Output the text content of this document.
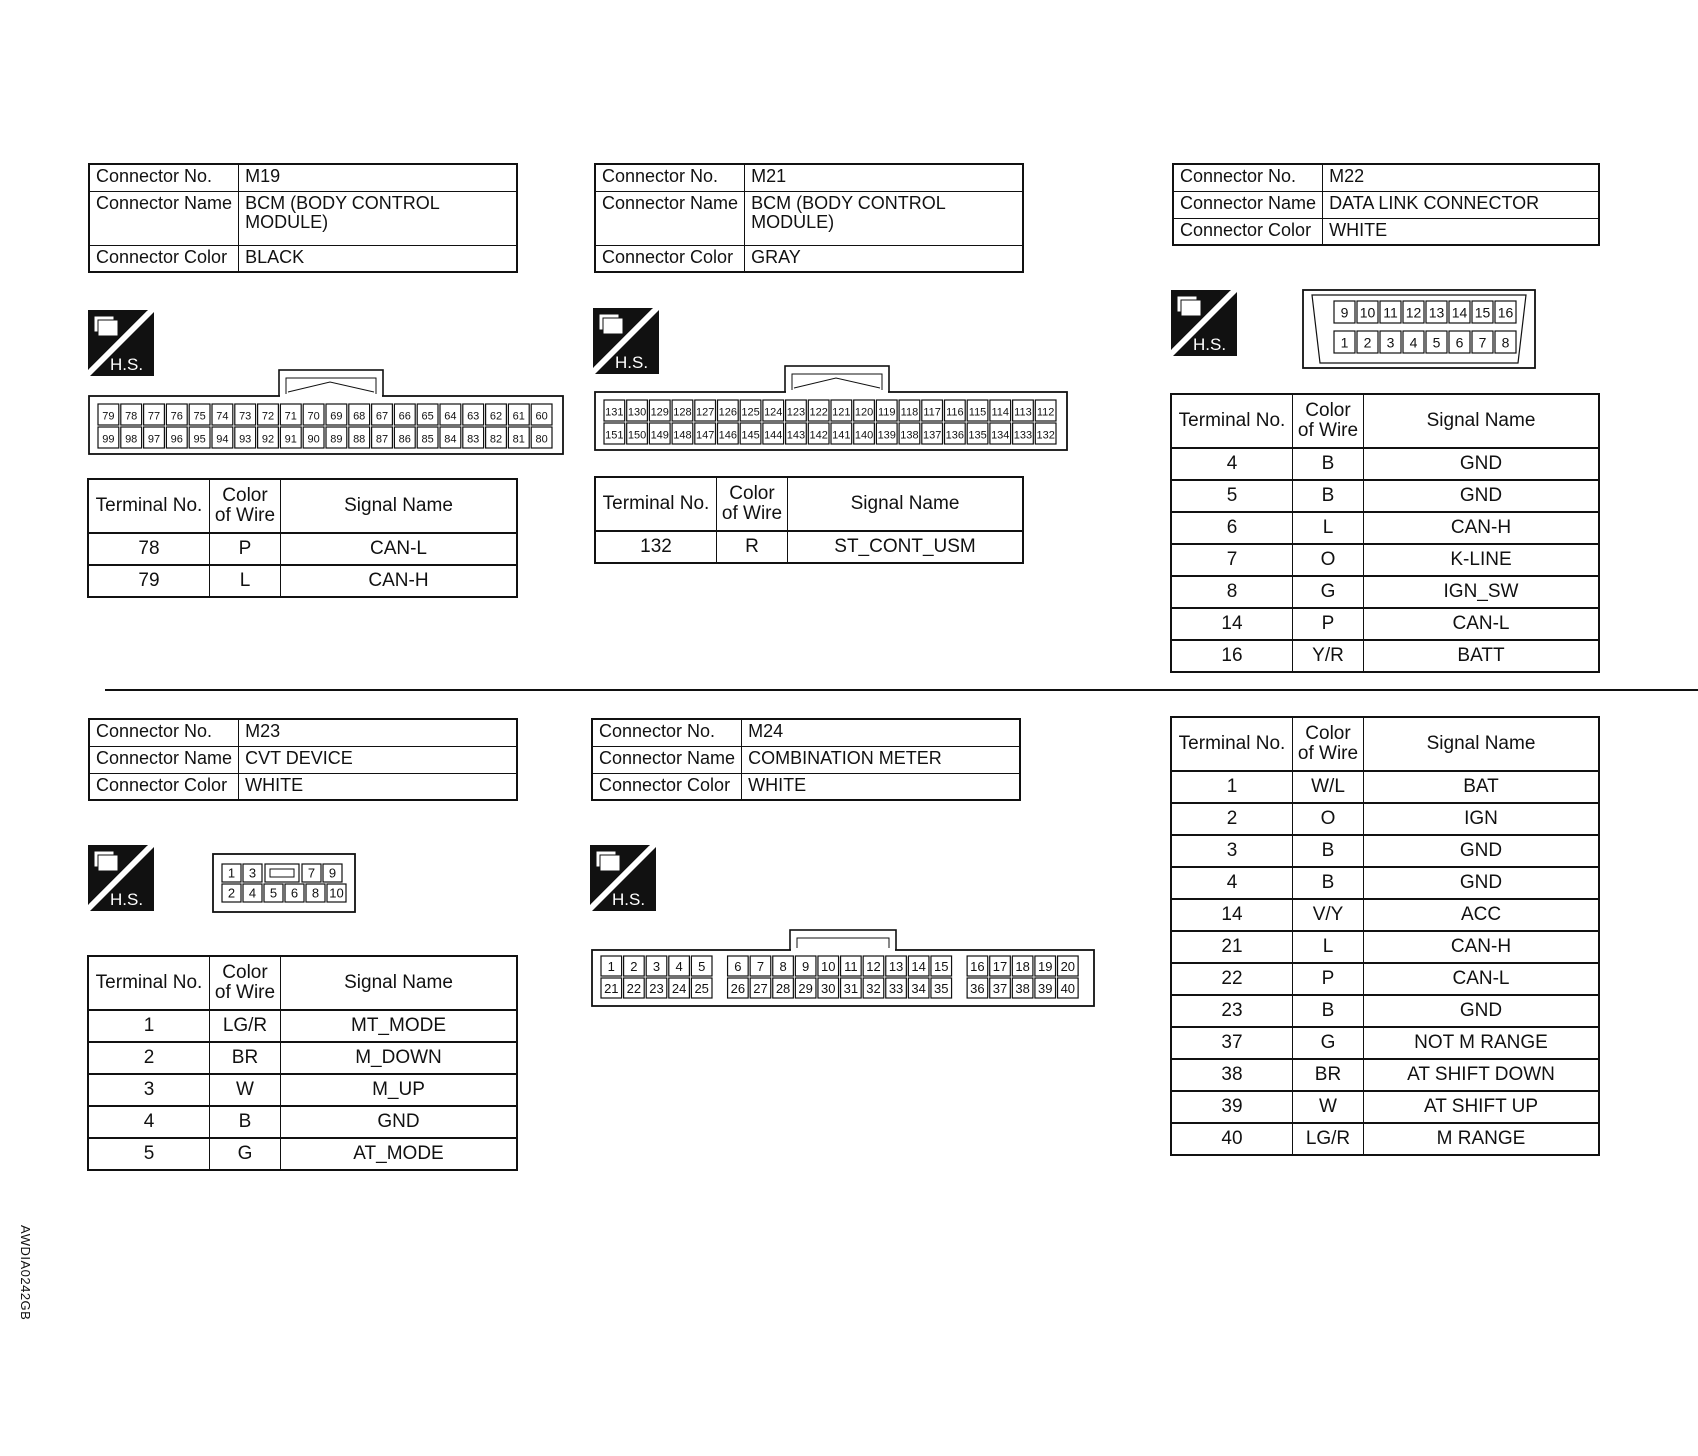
Connector No.	M19
Connector Name	BCM (BODY CONTROL MODULE)
Connector Color	BLACK
Connector No.	M21
Connector Name	BCM (BODY CONTROL MODULE)
Connector Color	GRAY
Connector No.	M22
Connector Name	DATA LINK CONNECTOR
Connector Color	WHITE
Connector No.	M23
Connector Name	CVT DEVICE
Connector Color	WHITE
Connector No.	M24
Connector Name	COMBINATION METER
Connector Color	WHITE
H.S.	H.S.
H.S.
H.S.	H.S.
79 78 77 76 75 74 73 72 71 70 69 68 67 66 65 64 63 62 61 60
99 98 97 96 95 94 93 92 91 90 89 88 87 86 85 84 83 82 81 80
131 130 129 128 127 126 125 124 123 122 121 120 119 118 117 116 115 114 113 112
151 150 149 148 147 146 145 144 143 142 141 140 139 138 137 136 135 134 133 132
9 10 11 12 13 14 15 16
1 2 3 4 5 6 7 8
1 3	7 9
2 4 5 6 8 10
1 2 3 4 5 6 7 8 9 10 11 12 13 14 15 16 17 18 19 20
21 22 23 24 25 26 27 28 29 30 31 32 33 34 35 36 37 38 39 40
Terminal No.	Color of Wire	Signal Name
78	P	CAN-L
79	L	CAN-H
Terminal No.	Color of Wire	Signal Name
132	R	ST_CONT_USM
Terminal No.	Color of Wire	Signal Name
4	B	GND
5	B	GND
6	L	CAN-H
7	O	K-LINE
8	G	IGN_SW
14	P	CAN-L
16	Y/R	BATT
Terminal No.	Color of Wire	Signal Name
1	LG/R	MT_MODE
2	BR	M_DOWN
3	W	M_UP
4	B	GND
5	G	AT_MODE
Terminal No.	Color of Wire	Signal Name
1	W/L	BAT
2	O	IGN
3	B	GND
4	B	GND
14	V/Y	ACC
21	L	CAN-H
22	P	CAN-L
23	B	GND
37	G	NOT M RANGE
38	BR	AT SHIFT DOWN
39	W	AT SHIFT UP
40	LG/R	M RANGE
AWDIA0242GB
